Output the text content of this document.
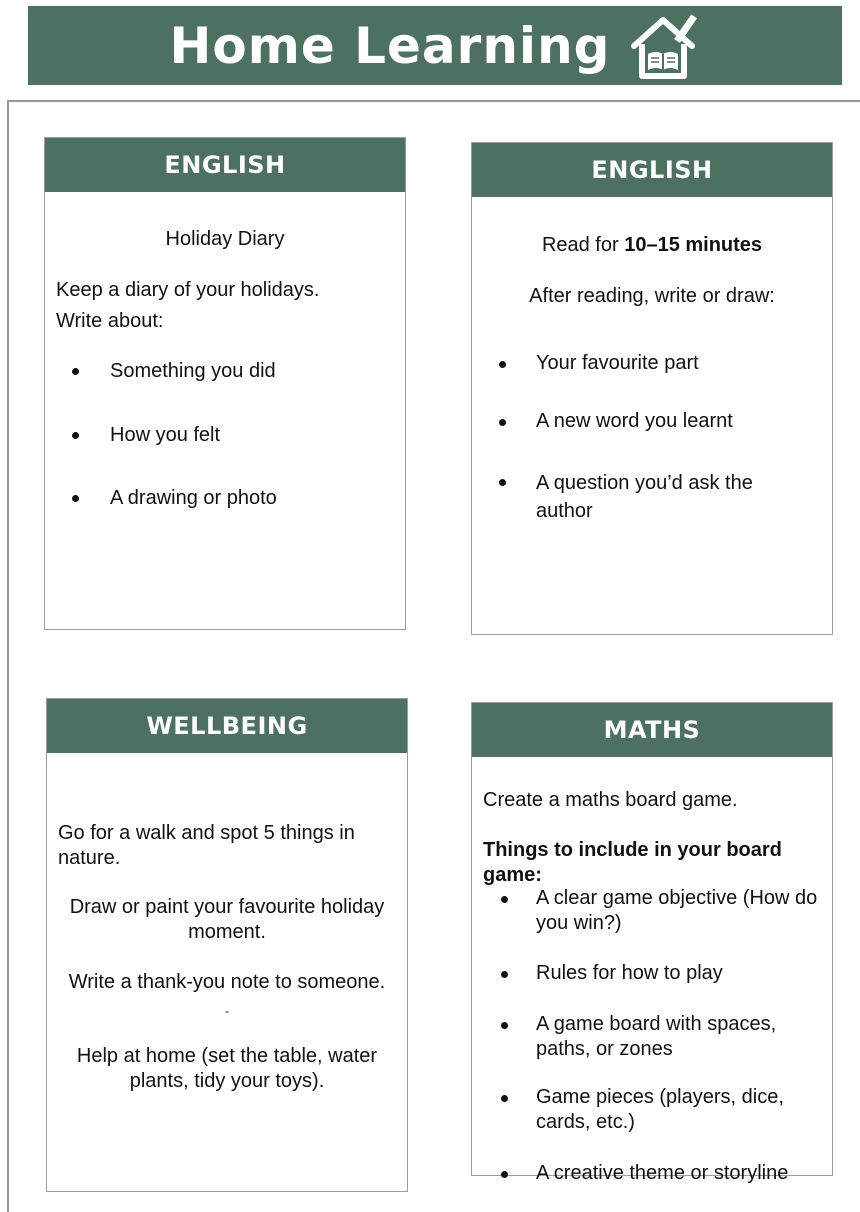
Home Learning
ENGLISH
Holiday Diary
Keep a diary of your holidays.
Write about:
Something you did
How you felt
A drawing or photo
ENGLISH
Read for 10–15 minutes
After reading, write or draw:
Your favourite part
A new word you learnt
A question you’d ask the author
WELLBEING
Go for a walk and spot 5 things in nature.
Draw or paint your favourite holiday moment.
Write a thank-you note to someone.
-
Help at home (set the table, water plants, tidy your toys).
MATHS
Create a maths board game.
Things to include in your board game:
A clear game objective (How do you win?)
Rules for how to play
A game board with spaces, paths, or zones
Game pieces (players, dice, cards, etc.)
A creative theme or storyline
